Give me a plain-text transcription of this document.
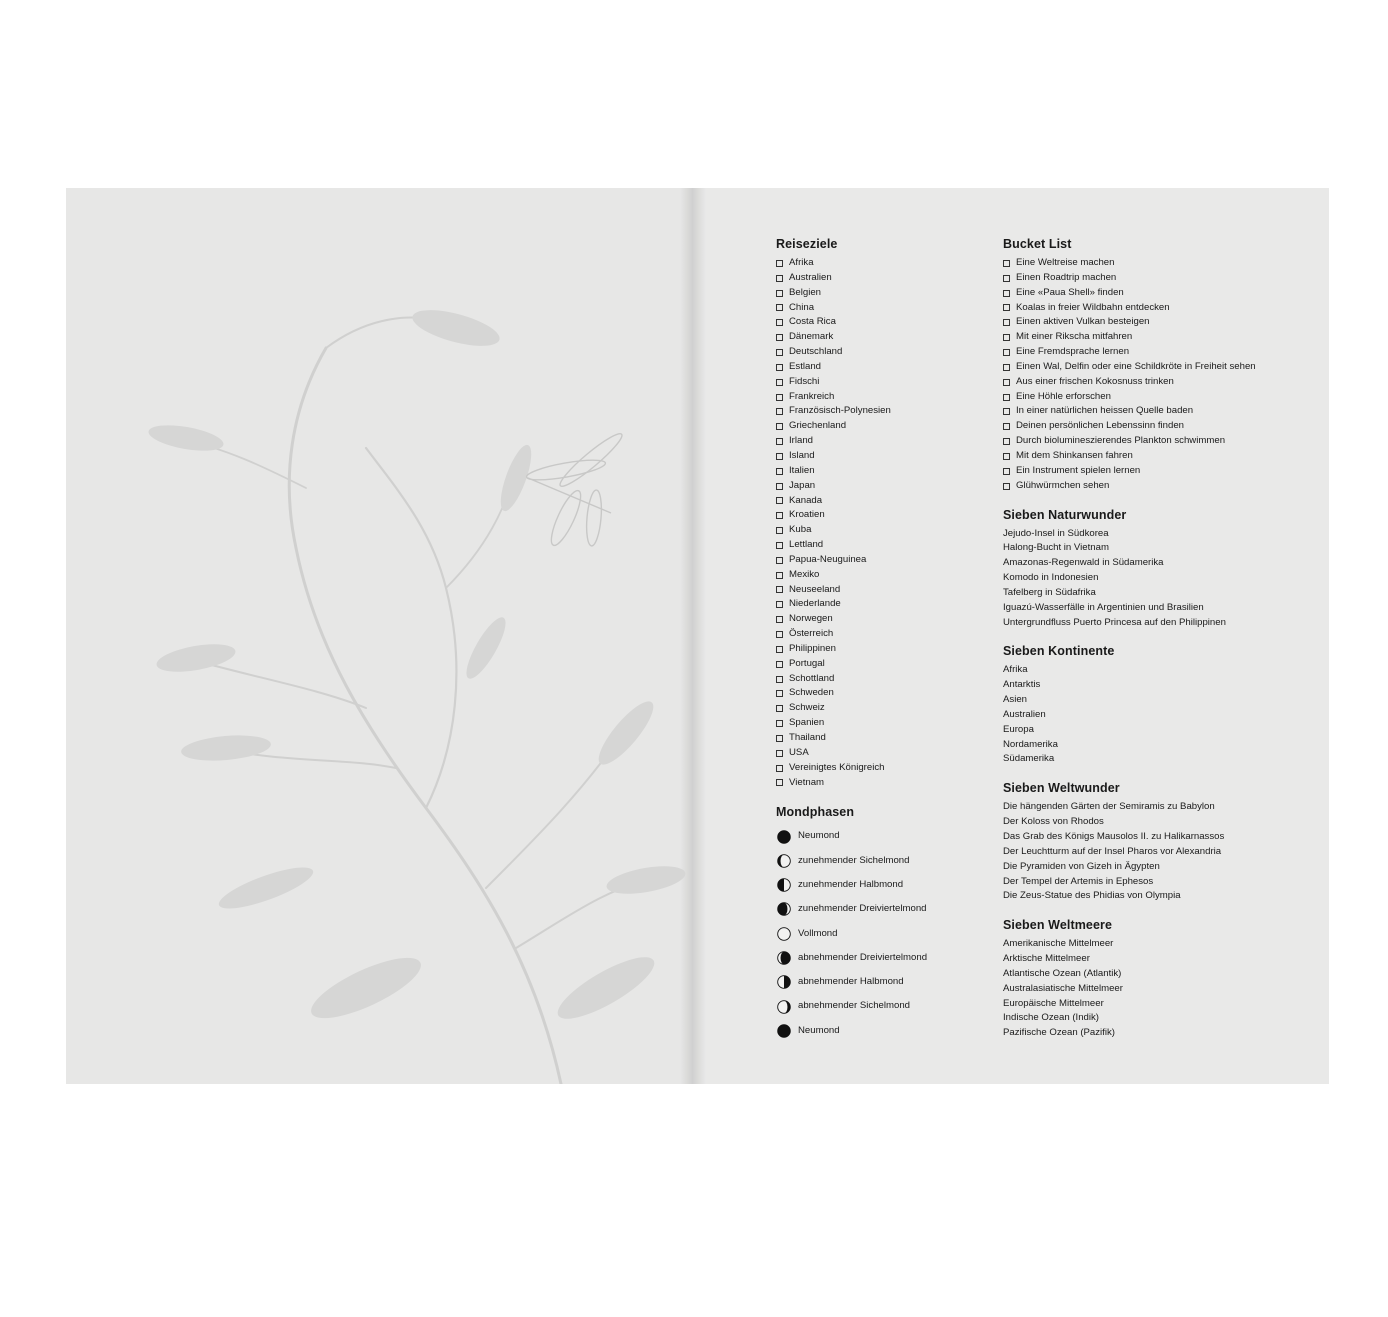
Reiseziele
Afrika
Australien
Belgien
China
Costa Rica
Dänemark
Deutschland
Estland
Fidschi
Frankreich
Französisch-Polynesien
Griechenland
Irland
Island
Italien
Japan
Kanada
Kroatien
Kuba
Lettland
Papua-Neuguinea
Mexiko
Neuseeland
Niederlande
Norwegen
Österreich
Philippinen
Portugal
Schottland
Schweden
Schweiz
Spanien
Thailand
USA
Vereinigtes Königreich
Vietnam
Mondphasen
Neumond
zunehmender Sichelmond
zunehmender Halbmond
zunehmender Dreiviertelmond
Vollmond
abnehmender Dreiviertelmond
abnehmender Halbmond
abnehmender Sichelmond
Neumond
Bucket List
Eine Weltreise machen
Einen Roadtrip machen
Eine «Paua Shell» finden
Koalas in freier Wildbahn entdecken
Einen aktiven Vulkan besteigen
Mit einer Rikscha mitfahren
Eine Fremdsprache lernen
Einen Wal, Delfin oder eine Schildkröte in Freiheit sehen
Aus einer frischen Kokosnuss trinken
Eine Höhle erforschen
In einer natürlichen heissen Quelle baden
Deinen persönlichen Lebenssinn finden
Durch biolumineszierendes Plankton schwimmen
Mit dem Shinkansen fahren
Ein Instrument spielen lernen
Glühwürmchen sehen
Sieben Naturwunder
Jejudo-Insel in Südkorea
Halong-Bucht in Vietnam
Amazonas-Regenwald in Südamerika
Komodo in Indonesien
Tafelberg in Südafrika
Iguazú-Wasserfälle in Argentinien und Brasilien
Untergrundfluss Puerto Princesa auf den Philippinen
Sieben Kontinente
Afrika
Antarktis
Asien
Australien
Europa
Nordamerika
Südamerika
Sieben Weltwunder
Die hängenden Gärten der Semiramis zu Babylon
Der Koloss von Rhodos
Das Grab des Königs Mausolos II. zu Halikarnassos
Der Leuchtturm auf der Insel Pharos vor Alexandria
Die Pyramiden von Gizeh in Ägypten
Der Tempel der Artemis in Ephesos
Die Zeus-Statue des Phidias von Olympia
Sieben Weltmeere
Amerikanische Mittelmeer
Arktische Mittelmeer
Atlantische Ozean (Atlantik)
Australasiatische Mittelmeer
Europäische Mittelmeer
Indische Ozean (Indik)
Pazifische Ozean (Pazifik)
